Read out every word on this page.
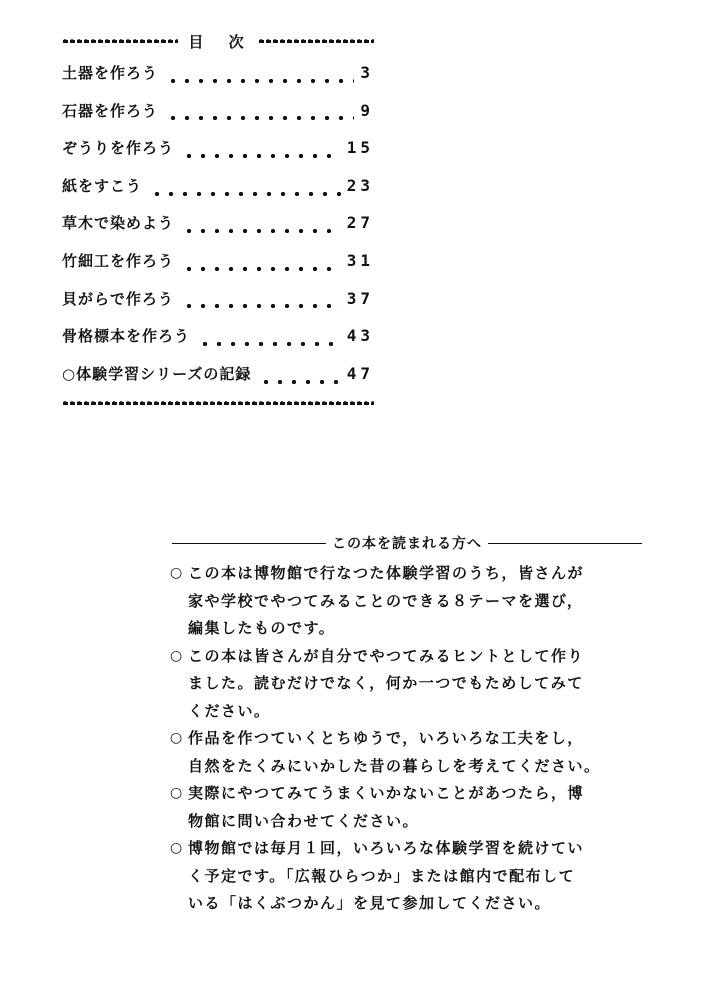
目 次
土器を作ろう	3
石器を作ろう	9
ぞうりを作ろう	15
紙をすこう	23
草木で染めよう	27
竹細工を作ろう	31
貝がらで作ろう	37
骨格標本を作ろう	43
○体験学習シリーズの記録	47
この本を読まれる方へ
○ この本は博物館で行なつた体験学習のうち，皆さんが
家や学校でやつてみることのできる８テーマを選び，
編集したものです。
○ この本は皆さんが自分でやつてみるヒントとして作り
ました。読むだけでなく，何か一つでもためしてみて
ください。
○ 作品を作つていくとちゆうで，いろいろな工夫をし，
自然をたくみにいかした昔の暮らしを考えてください。
○ 実際にやつてみてうまくいかないことがあつたら，博
物館に問い合わせてください。
○ 博物館では毎月１回，いろいろな体験学習を続けてい
く予定です。「広報ひらつか」または館内で配布して
いる「はくぶつかん」を見て参加してください。
